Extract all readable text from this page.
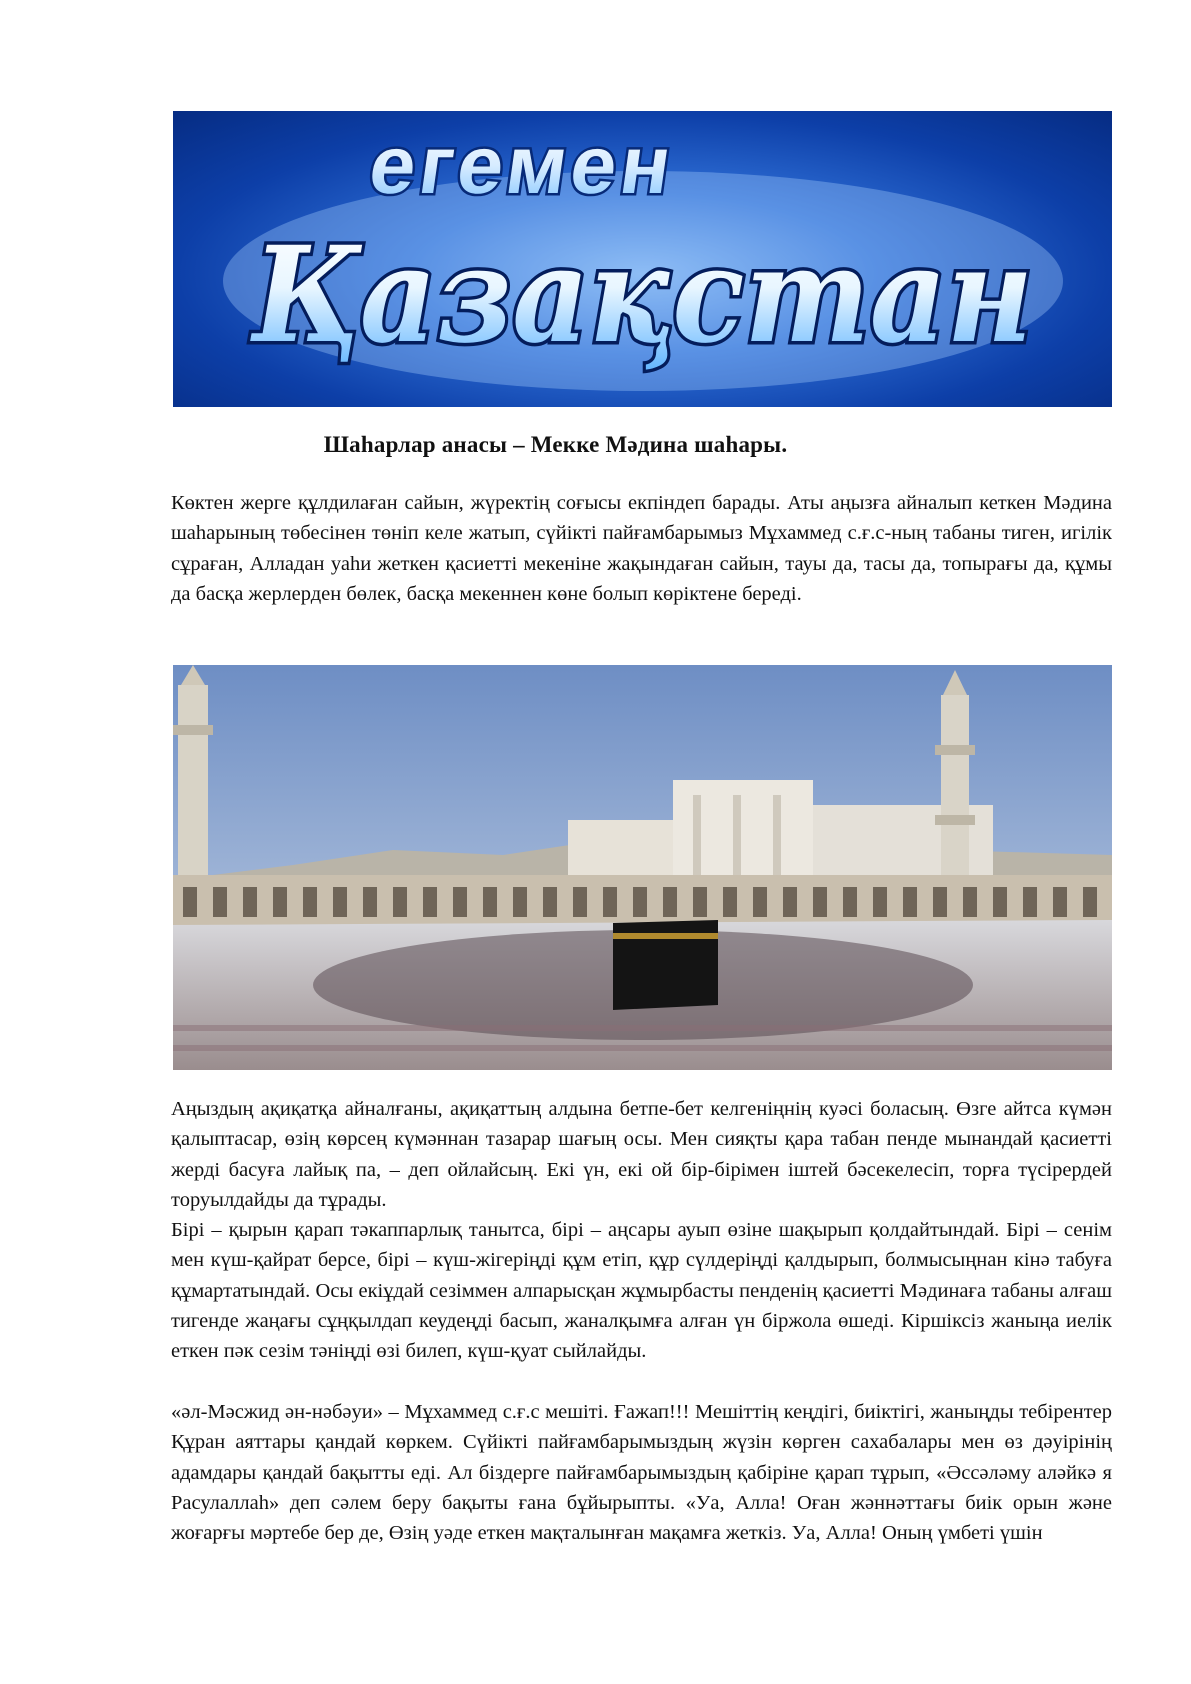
егемен
Қазақстан
Шаһарлар анасы – Мекке Мәдина шаһары.

Көктен жерге құлдилаған сайын, жүректің соғысы екпіндеп барады. Аты аңызға айналып кеткен Мәдина шаһарының төбесінен төніп келе жатып, сүйікті пайғамбарымыз Мұхаммед с.ғ.с-ның табаны тиген, игілік сұраған, Алладан уаһи жеткен қасиетті мекеніне жақындаған сайын, тауы да, тасы да, топырағы да, құмы да басқа жерлерден бөлек, басқа мекеннен көне болып көріктене береді.

Аңыздың ақиқатқа айналғаны, ақиқаттың алдына бетпе-бет келгеніңнің куәсі боласың. Өзге айтса күмән қалыптасар, өзің көрсең күмәннан тазарар шағың осы. Мен сияқты қара табан пенде мынандай қасиетті жерді басуға лайық па, – деп ойлайсың. Екі үн, екі ой бір-бірімен іштей бәсекелесіп, торға түсірердей торуылдайды да тұрады.

Бірі – қырын қарап тәкаппарлық танытса, бірі – аңсары ауып өзіне шақырып қолдайтындай. Бірі – сенім мен күш-қайрат берсе, бірі – күш-жігеріңді құм етіп, құр сүлдеріңді қалдырып, болмысыңнан кінә табуға құмартатындай. Осы екіұдай сезіммен алпарысқан жұмырбасты пенденің қасиетті Мәдинаға табаны алғаш тигенде жаңағы сұңқылдап кеудеңді басып, жаналқымға алған үн біржола өшеді. Кіршіксіз жаныңа иелік еткен пәк сезім тәніңді өзі билеп, күш-қуат сыйлайды.

«әл-Мәсжид ән-нәбәуи» – Мұхаммед с.ғ.с мешіті. Ғажап!!! Мешіттің кеңдігі, биіктігі, жаныңды тебірентер Құран аяттары қандай көркем. Сүйікті пайғамбарымыздың жүзін көрген сахабалары мен өз дәуірінің адамдары қандай бақытты еді. Ал біздерге пайғамбарымыздың қабіріне қарап тұрып, «Әссәләму аләйкә я Расулаллаһ» деп сәлем беру бақыты ғана бұйырыпты. «Уа, Алла! Оған жәннәттағы биік орын және жоғарғы мәртебе бер де, Өзің уәде еткен мақталынған мақамға жеткіз. Уа, Алла! Оның үмбеті үшін
